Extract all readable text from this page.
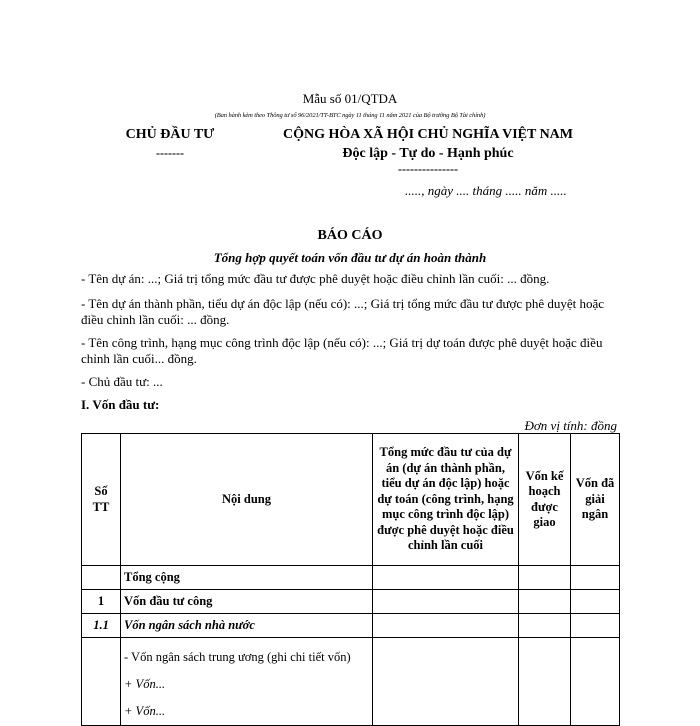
Mẫu số 01/QTDA
(Ban hành kèm theo Thông tư số 96/2021/TT-BTC ngày 11 tháng 11 năm 2021 của Bộ trưởng Bộ Tài chính)
CHỦ ĐẦU TƯ
-------
CỘNG HÒA XÃ HỘI CHỦ NGHĨA VIỆT NAM
Độc lập - Tự do - Hạnh phúc
---------------
....., ngày .... tháng ..... năm .....
BÁO CÁO
Tổng hợp quyết toán vốn đầu tư dự án hoàn thành
- Tên dự án: ...; Giá trị tổng mức đầu tư được phê duyệt hoặc điều chỉnh lần cuối: ... đồng.
- Tên dự án thành phần, tiểu dự án độc lập (nếu có): ...; Giá trị tổng mức đầu tư được phê duyệt hoặc điều chỉnh lần cuối: ... đồng.
- Tên công trình, hạng mục công trình độc lập (nếu có): ...; Giá trị dự toán được phê duyệt hoặc điều chỉnh lần cuối... đồng.
- Chủ đầu tư: ...
I. Vốn đầu tư:
Đơn vị tính: đồng
Số TT	Nội dung	Tổng mức đầu tư của dự án (dự án thành phần, tiểu dự án độc lập) hoặc dự toán (công trình, hạng mục công trình độc lập) được phê duyệt hoặc điều chỉnh lần cuối	Vốn kế hoạch được giao	Vốn đã giải ngân
	Tổng cộng			
1	Vốn đầu tư công			
1.1	Vốn ngân sách nhà nước			

	- Vốn ngân sách trung ương (ghi chi tiết vốn)
+ Vốn...
+ Vốn...			
